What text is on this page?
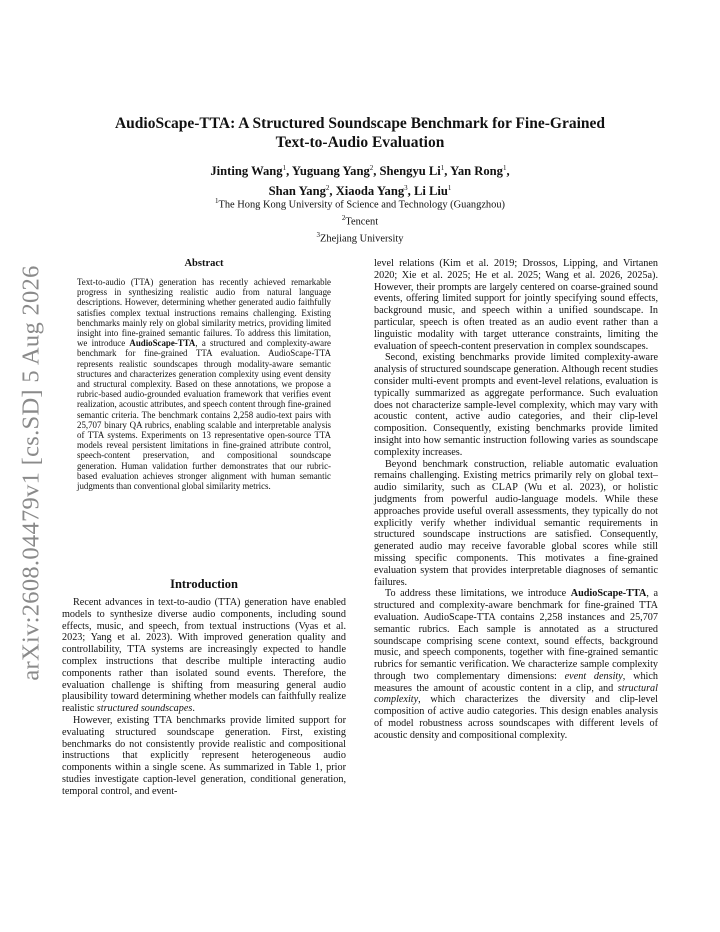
arXiv:2608.04479v1 [cs.SD] 5 Aug 2026
AudioScape-TTA: A Structured Soundscape Benchmark for Fine-Grained
Text-to-Audio Evaluation
Jinting Wang$^1$, Yuguang Yang$^2$, Shengyu Li$^1$, Yan Rong$^1$,
Shan Yang$^2$, Xiaoda Yang$^3$, Li Liu$^1$
$^1$The Hong Kong University of Science and Technology (Guangzhou)
$^2$Tencent
$^3$Zhejiang University
Abstract

Text-to-audio (TTA) generation has recently achieved remarkable progress in synthesizing realistic audio from natural language descriptions. However, determining whether generated audio faithfully satisfies complex textual instructions remains challenging. Existing benchmarks mainly rely on global similarity metrics, providing limited insight into fine-grained semantic failures. To address this limitation, we introduce AudioScape-TTA, a structured and complexity-aware benchmark for fine-grained TTA evaluation. AudioScape-TTA represents realistic soundscapes through modality-aware semantic structures and characterizes generation complexity using event density and structural complexity. Based on these annotations, we propose a rubric-based audio-grounded evaluation framework that verifies event realization, acoustic attributes, and speech content through fine-grained semantic criteria. The benchmark contains 2,258 audio-text pairs with 25,707 binary QA rubrics, enabling scalable and interpretable analysis of TTA systems. Experiments on 13 representative open-source TTA models reveal persistent limitations in fine-grained attribute control, speech-content preservation, and compositional soundscape generation. Human validation further demonstrates that our rubric-based evaluation achieves stronger alignment with human semantic judgments than conventional global similarity metrics.

Introduction

Recent advances in text-to-audio (TTA) generation have enabled models to synthesize diverse audio components, including sound effects, music, and speech, from textual instructions (Vyas et al. 2023; Yang et al. 2023). With improved generation quality and controllability, TTA systems are increasingly expected to handle complex instructions that describe multiple interacting audio components rather than isolated sound events. Therefore, the evaluation challenge is shifting from measuring general audio plausibility toward determining whether models can faithfully realize realistic structured soundscapes.

However, existing TTA benchmarks provide limited support for evaluating structured soundscape generation. First, existing benchmarks do not consistently provide realistic and compositional instructions that explicitly represent heterogeneous audio components within a single scene. As summarized in Table 1, prior studies investigate caption-level generation, conditional generation, temporal control, and event-

level relations (Kim et al. 2019; Drossos, Lipping, and Virtanen 2020; Xie et al. 2025; He et al. 2025; Wang et al. 2026, 2025a). However, their prompts are largely centered on coarse-grained sound events, offering limited support for jointly specifying sound effects, background music, and speech within a unified soundscape. In particular, speech is often treated as an audio event rather than a linguistic modality with target utterance constraints, limiting the evaluation of speech-content preservation in complex soundscapes.

Second, existing benchmarks provide limited complexity-aware analysis of structured soundscape generation. Although recent studies consider multi-event prompts and event-level relations, evaluation is typically summarized as aggregate performance. Such evaluation does not characterize sample-level complexity, which may vary with acoustic content, active audio categories, and their clip-level composition. Consequently, existing benchmarks provide limited insight into how semantic instruction following varies as soundscape complexity increases.

Beyond benchmark construction, reliable automatic evaluation remains challenging. Existing metrics primarily rely on global text–audio similarity, such as CLAP (Wu et al. 2023), or holistic judgments from powerful audio-language models. While these approaches provide useful overall assessments, they typically do not explicitly verify whether individual semantic requirements in structured soundscape instructions are satisfied. Consequently, generated audio may receive favorable global scores while still missing specific components. This motivates a fine-grained evaluation system that provides interpretable diagnoses of semantic failures.

To address these limitations, we introduce AudioScape-TTA, a structured and complexity-aware benchmark for fine-grained TTA evaluation. AudioScape-TTA contains 2,258 instances and 25,707 semantic rubrics. Each sample is annotated as a structured soundscape comprising scene context, sound effects, background music, and speech components, together with fine-grained semantic rubrics for semantic verification. We characterize sample complexity through two complementary dimensions: event density, which measures the amount of acoustic content in a clip, and structural complexity, which characterizes the diversity and clip-level composition of active audio categories. This design enables analysis of model robustness across soundscapes with different levels of acoustic density and compositional complexity.
